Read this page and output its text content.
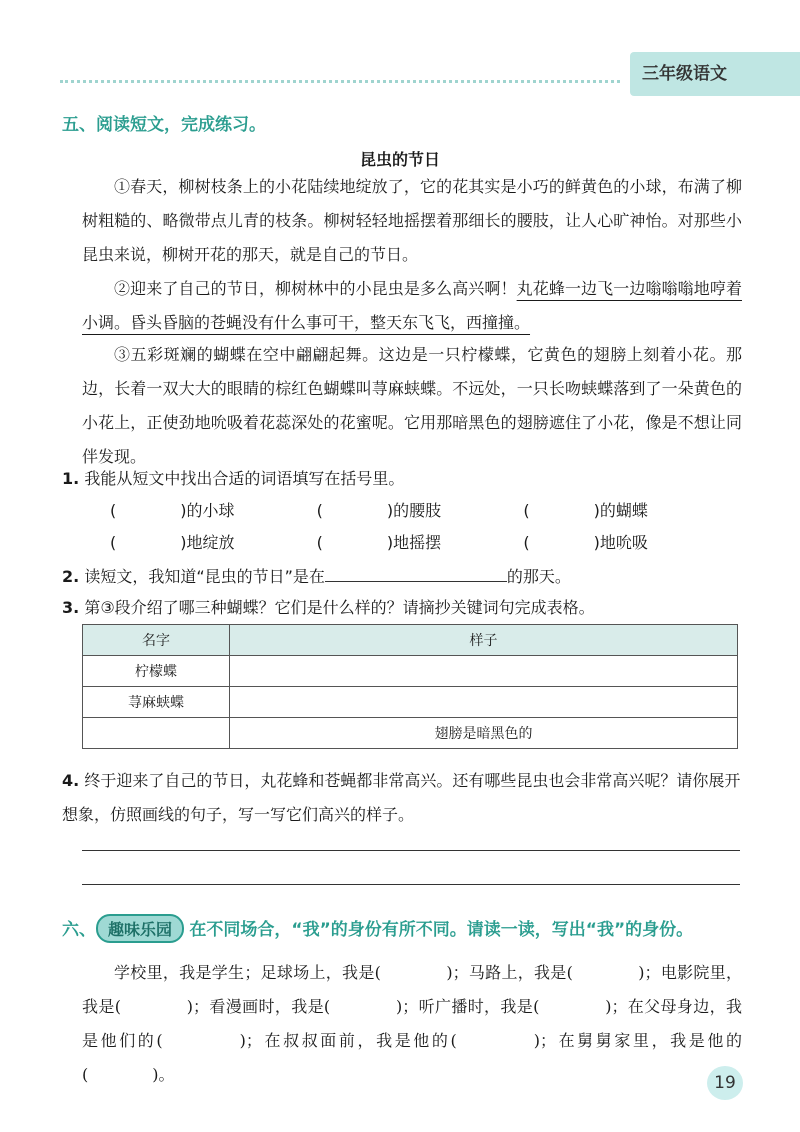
三年级语文
五、阅读短文，完成练习。
昆虫的节日

①春天，柳树枝条上的小花陆续地绽放了，它的花其实是小巧的鲜黄色的小球，布满了柳树粗糙的、略微带点儿青的枝条。柳树轻轻地摇摆着那细长的腰肢，让人心旷神怡。对那些小昆虫来说，柳树开花的那天，就是自己的节日。

②迎来了自己的节日，柳树林中的小昆虫是多么高兴啊！丸花蜂一边飞一边嗡嗡嗡地哼着小调。昏头昏脑的苍蝇没有什么事可干，整天东飞飞，西撞撞。

③五彩斑斓的蝴蝶在空中翩翩起舞。这边是一只柠檬蝶，它黄色的翅膀上刻着小花。那边，长着一双大大的眼睛的棕红色蝴蝶叫荨麻蛱蝶。不远处，一只长吻蛱蝶落到了一朵黄色的小花上，正使劲地吮吸着花蕊深处的花蜜呢。它用那暗黑色的翅膀遮住了小花，像是不想让同伴发现。

1. 我能从短文中找出合适的词语填写在括号里。
(　　　　)的小球	(　　　　)的腰肢	(　　　　)的蝴蝶
(　　　　)地绽放	(　　　　)地摇摆	(　　　　)地吮吸
2. 读短文，我知道“昆虫的节日”是在	的那天。
3. 第③段介绍了哪三种蝴蝶？它们是什么样的？请摘抄关键词句完成表格。
名字	样子
柠檬蝶	
荨麻蛱蝶	
	翅膀是暗黑色的
4. 终于迎来了自己的节日，丸花蜂和苍蝇都非常高兴。还有哪些昆虫也会非常高兴呢？请你展开想象，仿照画线的句子，写一写它们高兴的样子。
六、 趣味乐园 在不同场合，“我”的身份有所不同。请读一读，写出“我”的身份。

学校里，我是学生；足球场上，我是(　　　　)；马路上，我是(　　　　)；电影院里，我是(　　　　)；看漫画时，我是(　　　　)；听广播时，我是(　　　　)；在父母身边，我是他们的(　　　　)；在叔叔面前，我是他的(　　　　)；在舅舅家里，我是他的(　　　　)。	19
